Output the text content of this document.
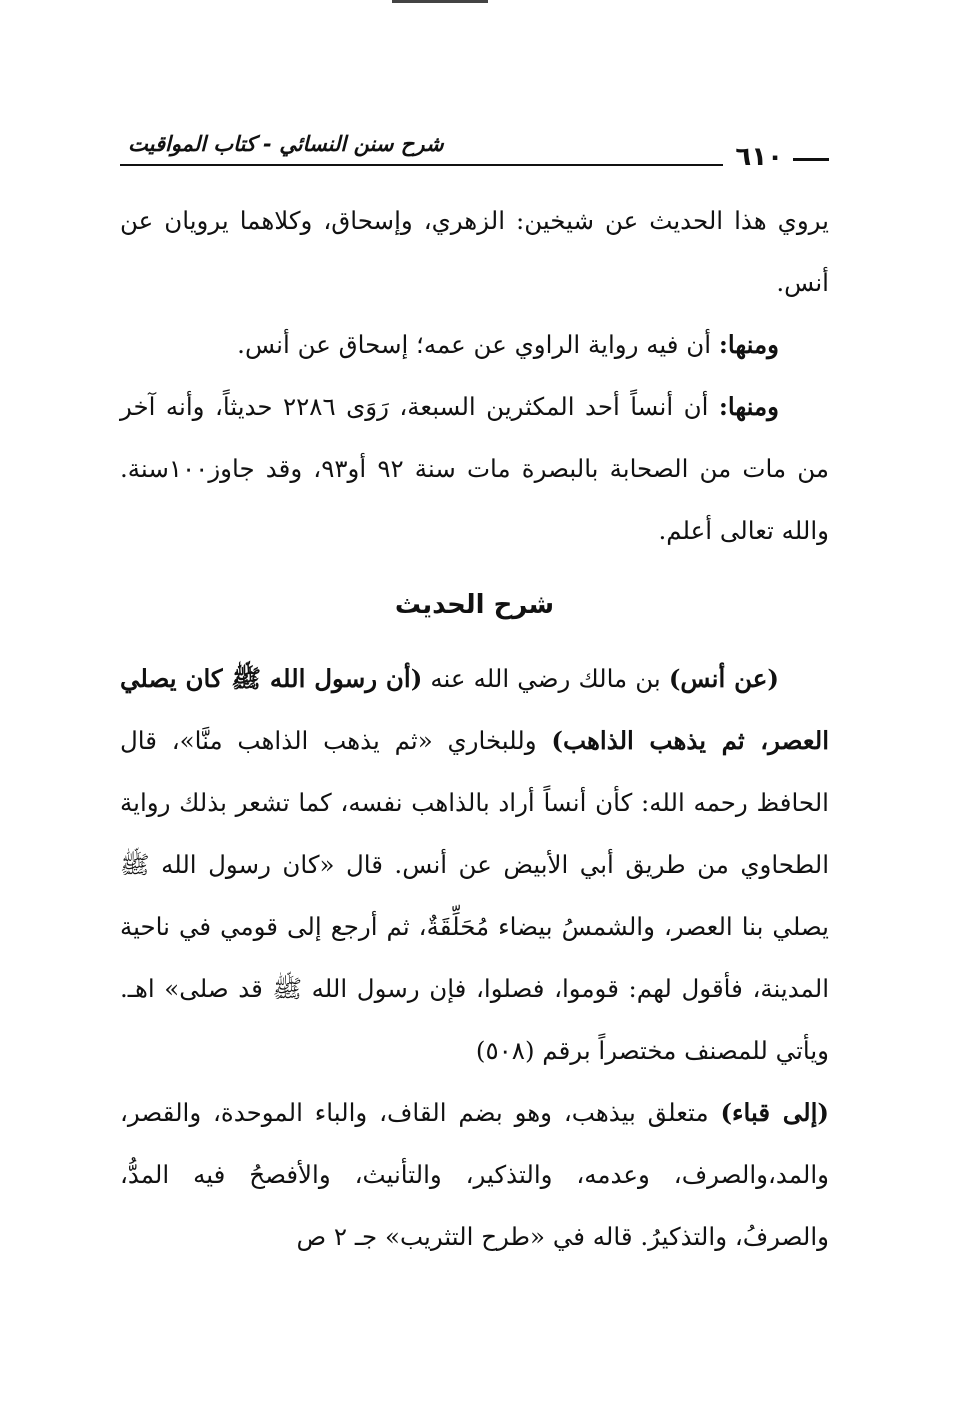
شرح سنن النسائي - كتاب المواقيت	٦١٠

يروي هذا الحديث عن شيخين: الزهري، وإسحاق، وكلاهما يرويان عن أنس.

ومنها: أن فيه رواية الراوي عن عمه؛ إسحاق عن أنس.

ومنها: أن أنساً أحد المكثرين السبعة، رَوَى ٢٢٨٦ حديثاً، وأنه آخر من مات من الصحابة بالبصرة مات سنة ٩٢ أو٩٣، وقد جاوز١٠٠سنة. والله تعالى أعلم.

شرح الحديث

(عن أنس) بن مالك رضي الله عنه (أن رسول الله ﷺ كان يصلي العصر، ثم يذهب الذاهب) وللبخاري «ثم يذهب الذاهب منَّا»، قال الحافظ رحمه الله: كأن أنساً أراد بالذاهب نفسه، كما تشعر بذلك رواية الطحاوي من طريق أبي الأبيض عن أنس. قال «كان رسول الله ﷺ يصلي بنا العصر، والشمسُ بيضاء مُحَلِّقَةٌ، ثم أرجع إلى قومي في ناحية المدينة، فأقول لهم: قوموا، فصلوا، فإن رسول الله ﷺ قد صلى» اهـ. ويأتي للمصنف مختصراً برقم (٥٠٨)

(إلى قباء) متعلق بيذهب، وهو بضم القاف، والباء الموحدة، والقصر، والمد،والصرف، وعدمه، والتذكير، والتأنيث، والأفصحُ فيه المدُّ، والصرفُ، والتذكيرُ. قاله في «طرح التثريب» جـ ٢ ص
